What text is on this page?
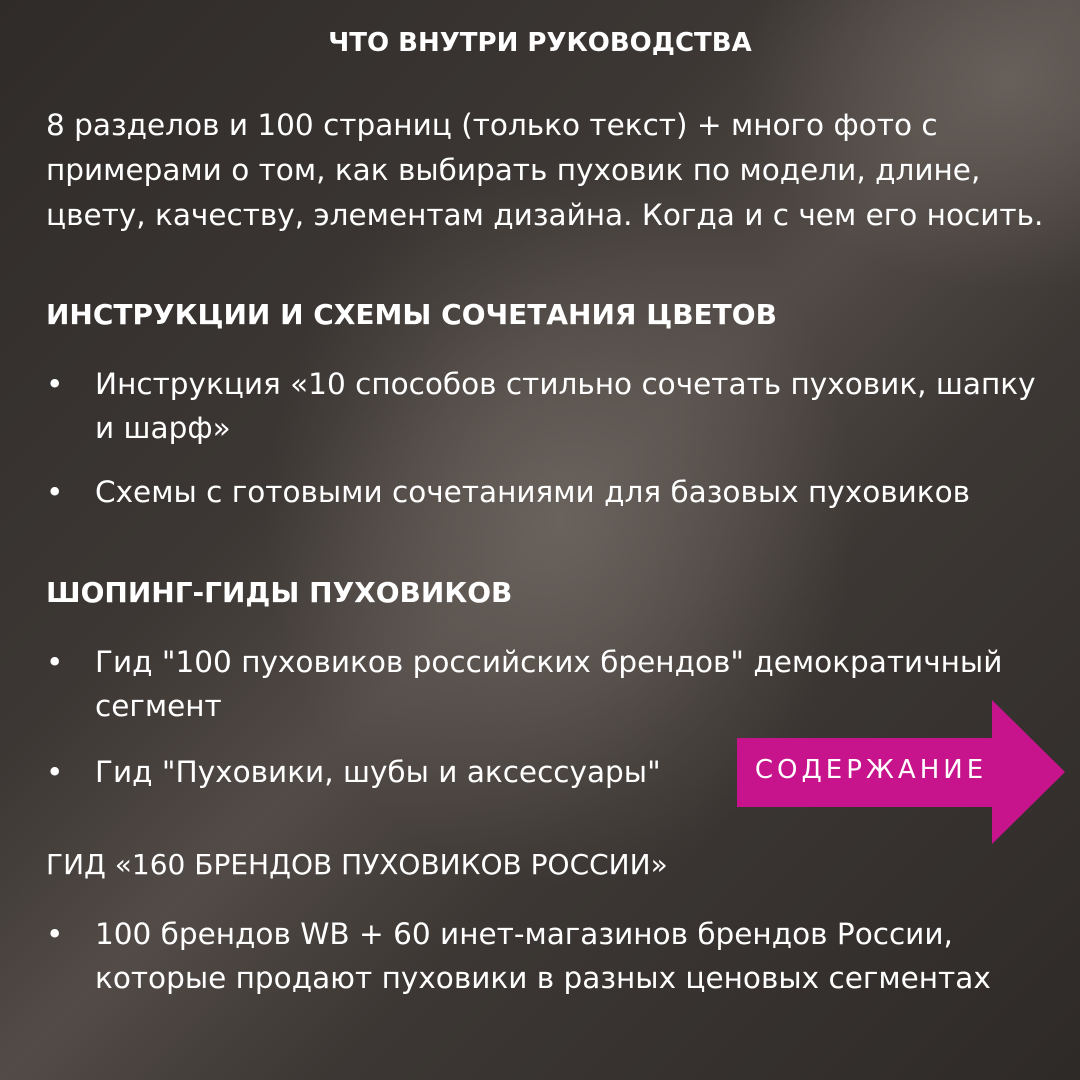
ЧТО ВНУТРИ РУКОВОДСТВА

8 разделов и 100 страниц (только текст) + много фото с примерами о том, как выбирать пуховик по модели, длине, цвету, качеству, элементам дизайна. Когда и с чем его носить.

ИНСТРУКЦИИ И СХЕМЫ СОЧЕТАНИЯ ЦВЕТОВ
• Инструкция «10 способов стильно сочетать пуховик, шапку и шарф»
• Схемы с готовыми сочетаниями для базовых пуховиков
ШОПИНГ-ГИДЫ ПУХОВИКОВ
• Гид "100 пуховиков российских брендов" демократичный сегмент
• Гид "Пуховики, шубы и аксессуары"
ГИД «160 БРЕНДОВ ПУХОВИКОВ РОССИИ»
• 100 брендов WB + 60 инет-магазинов брендов России, которые продают пуховики в разных ценовых сегментах
СОДЕРЖАНИЕ
